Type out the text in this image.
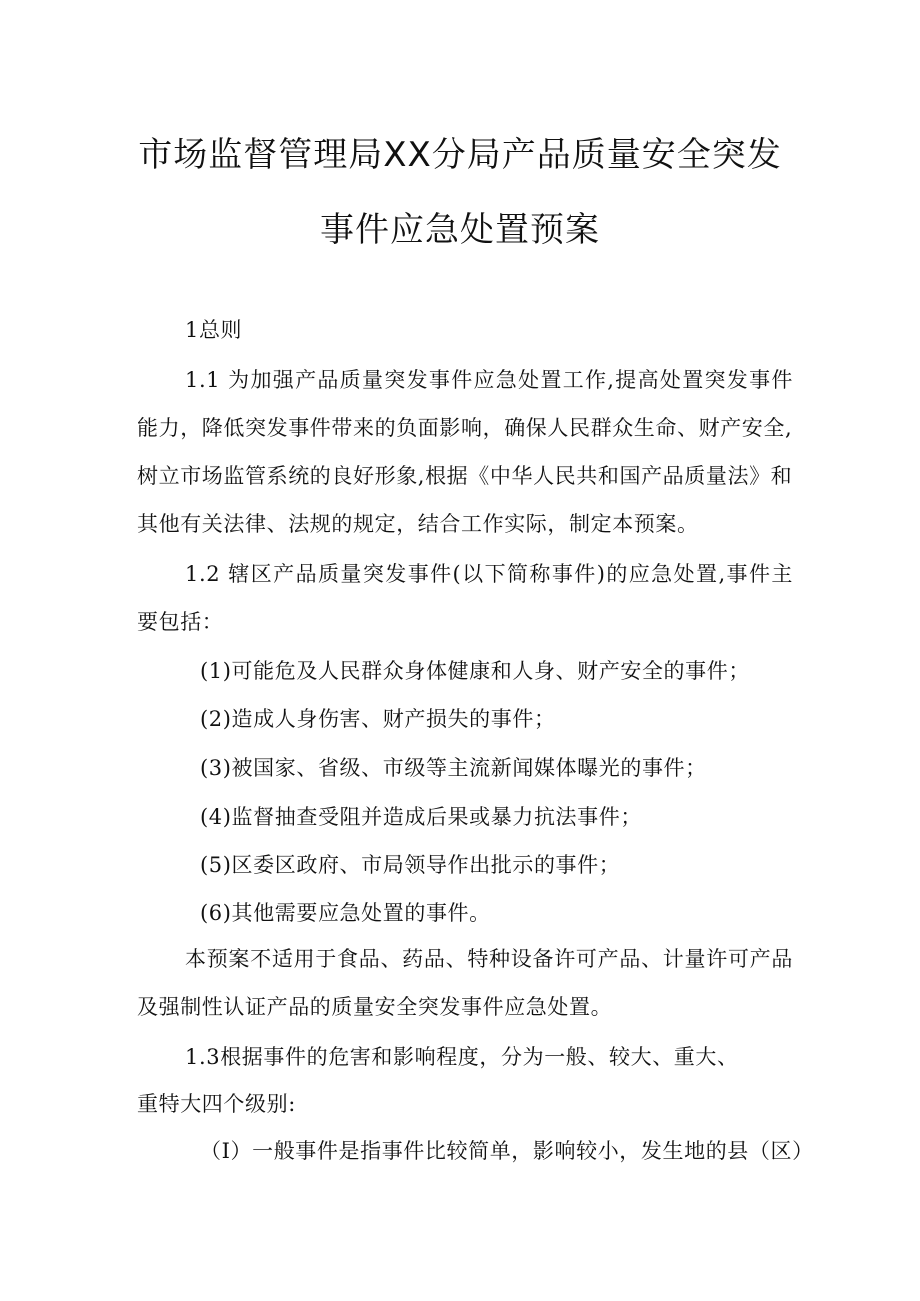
市场监督管理局XX分局产品质量安全突发
事件应急处置预案
1总则
1.1 为加强产品质量突发事件应急处置工作,提高处置突发事件
能力，降低突发事件带来的负面影响，确保人民群众生命、财产安全,
树立市场监管系统的良好形象,根据《中华人民共和国产品质量法》和
其他有关法律、法规的规定，结合工作实际，制定本预案。
1.2 辖区产品质量突发事件(以下简称事件)的应急处置,事件主
要包括：
(1)可能危及人民群众身体健康和人身、财产安全的事件；
(2)造成人身伤害、财产损失的事件；
(3)被国家、省级、市级等主流新闻媒体曝光的事件；
(4)监督抽查受阻并造成后果或暴力抗法事件；
(5)区委区政府、市局领导作出批示的事件；
(6)其他需要应急处置的事件。
本预案不适用于食品、药品、特种设备许可产品、计量许可产品
及强制性认证产品的质量安全突发事件应急处置。
1.3根据事件的危害和影响程度，分为一般、较大、重大、
重特大四个级别:
（I）一般事件是指事件比较简单，影响较小，发生地的县（区）
